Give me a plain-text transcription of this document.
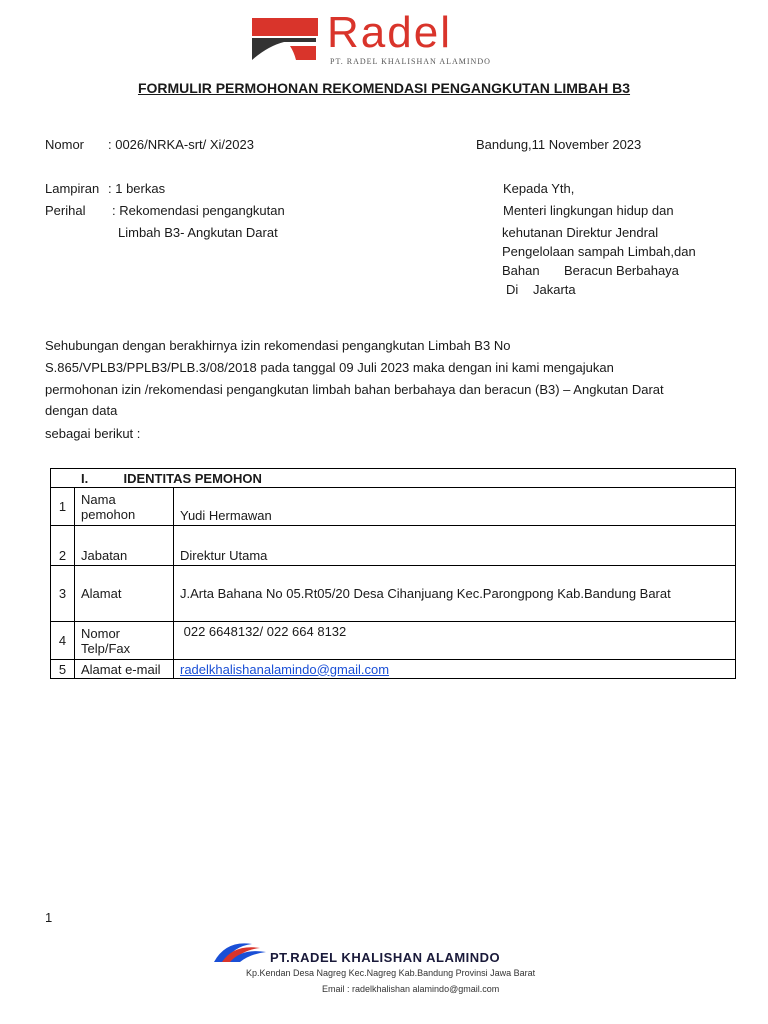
Radel
PT. RADEL KHALISHAN ALAMINDO
FORMULIR PERMOHONAN REKOMENDASI PENGANGKUTAN LIMBAH B3
Nomor : 0026/NRKA-srt/ Xi/2023	Bandung,11 November 2023
Lampiran : 1 berkas
Perihal : Rekomendasi pengangkutan
Limbah B3- Angkutan Darat
Kepada Yth,
Menteri lingkungan hidup dan
kehutanan Direktur Jendral
Pengelolaan sampah Limbah,dan
Bahan Beracun Berbahaya
Di Jakarta
Sehubungan dengan berakhirnya izin rekomendasi pengangkutan Limbah B3 No
S.865/VPLB3/PPLB3/PLB.3/08/2018 pada tanggal 09 Juli 2023 maka dengan ini kami mengajukan
permohonan izin /rekomendasi pengangkutan limbah bahan berbahaya dan beracun (B3) – Angkutan Darat
dengan data
sebagai berikut :
I. IDENTITAS PEMOHON		
1	Nama
pemohon	Yudi Hermawan
2	Jabatan	Direktur Utama
3	Alamat	J.Arta Bahana No 05.Rt05/20 Desa Cihanjuang Kec.Parongpong Kab.Bandung Barat
4	Nomor
Telp/Fax	022 6648132/ 022 664 8132
5	Alamat e-mail	radelkhalishanalamindo@gmail.com
1
PT.RADEL KHALISHAN ALAMINDO
Kp.Kendan Desa Nagreg Kec.Nagreg Kab.Bandung Provinsi Jawa Barat
Email : radelkhalishan alamindo@gmail.com
